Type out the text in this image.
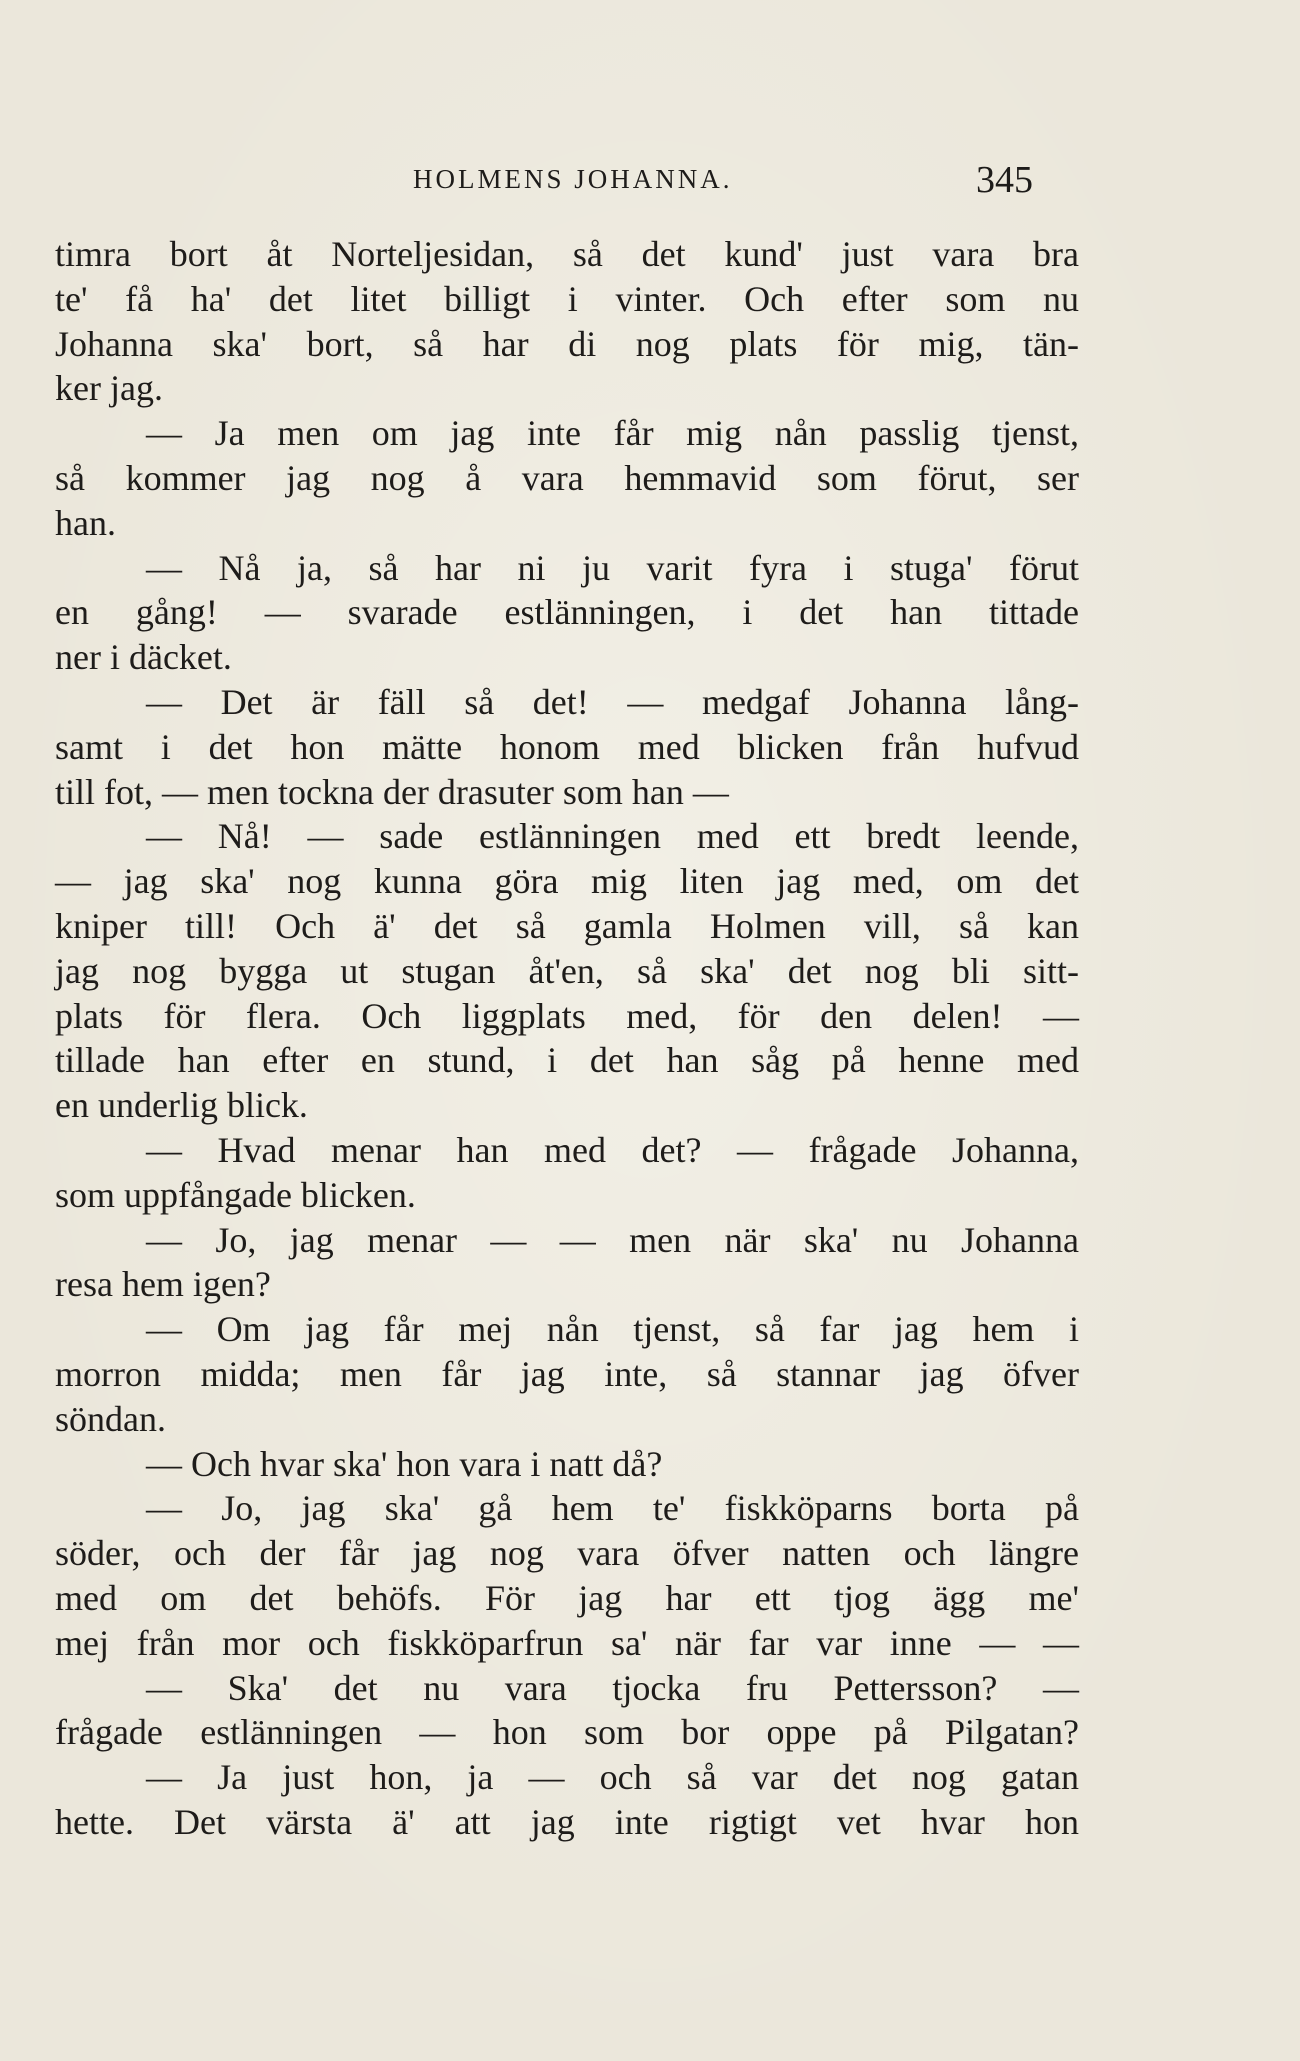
HOLMENS JOHANNA.	345
timra bort åt Norteljesidan, så det kund' just vara bra
te' få ha' det litet billigt i vinter. Och efter som nu
Johanna ska' bort, så har di nog plats för mig, tän-
ker jag.
— Ja men om jag inte får mig nån passlig tjenst,
så kommer jag nog å vara hemmavid som förut, ser
han.
— Nå ja, så har ni ju varit fyra i stuga' förut
en gång! — svarade estlänningen, i det han tittade
ner i däcket.
— Det är fäll så det! — medgaf Johanna lång-
samt i det hon mätte honom med blicken från hufvud
till fot, — men tockna der drasuter som han —
— Nå! — sade estlänningen med ett bredt leende,
— jag ska' nog kunna göra mig liten jag med, om det
kniper till! Och ä' det så gamla Holmen vill, så kan
jag nog bygga ut stugan åt'en, så ska' det nog bli sitt-
plats för flera. Och liggplats med, för den delen! —
tillade han efter en stund, i det han såg på henne med
en underlig blick.
— Hvad menar han med det? — frågade Johanna,
som uppfångade blicken.
— Jo, jag menar — — men när ska' nu Johanna
resa hem igen?
— Om jag får mej nån tjenst, så far jag hem i
morron midda; men får jag inte, så stannar jag öfver
söndan.
— Och hvar ska' hon vara i natt då?
— Jo, jag ska' gå hem te' fiskköparns borta på
söder, och der får jag nog vara öfver natten och längre
med om det behöfs. För jag har ett tjog ägg me'
mej från mor och fiskköparfrun sa' när far var inne — —
— Ska' det nu vara tjocka fru Pettersson? —
frågade estlänningen — hon som bor oppe på Pilgatan?
— Ja just hon, ja — och så var det nog gatan
hette. Det värsta ä' att jag inte rigtigt vet hvar hon
